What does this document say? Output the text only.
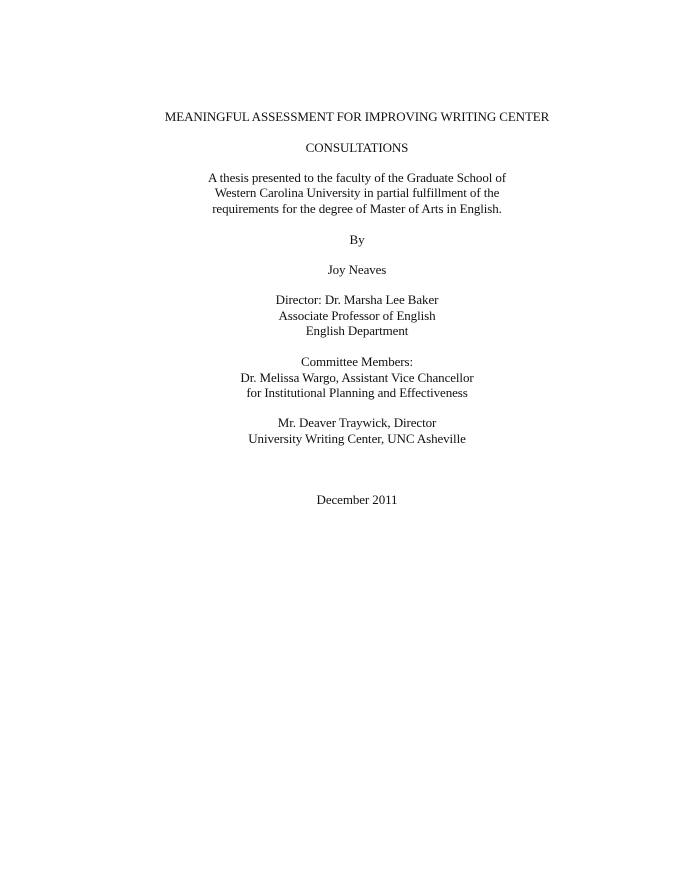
MEANINGFUL ASSESSMENT FOR IMPROVING WRITING CENTER
CONSULTATIONS
A thesis presented to the faculty of the Graduate School of
Western Carolina University in partial fulfillment of the
requirements for the degree of Master of Arts in English.
By
Joy Neaves
Director: Dr. Marsha Lee Baker
Associate Professor of English
English Department
Committee Members:
Dr. Melissa Wargo, Assistant Vice Chancellor
for Institutional Planning and Effectiveness
Mr. Deaver Traywick, Director
University Writing Center, UNC Asheville
December 2011
